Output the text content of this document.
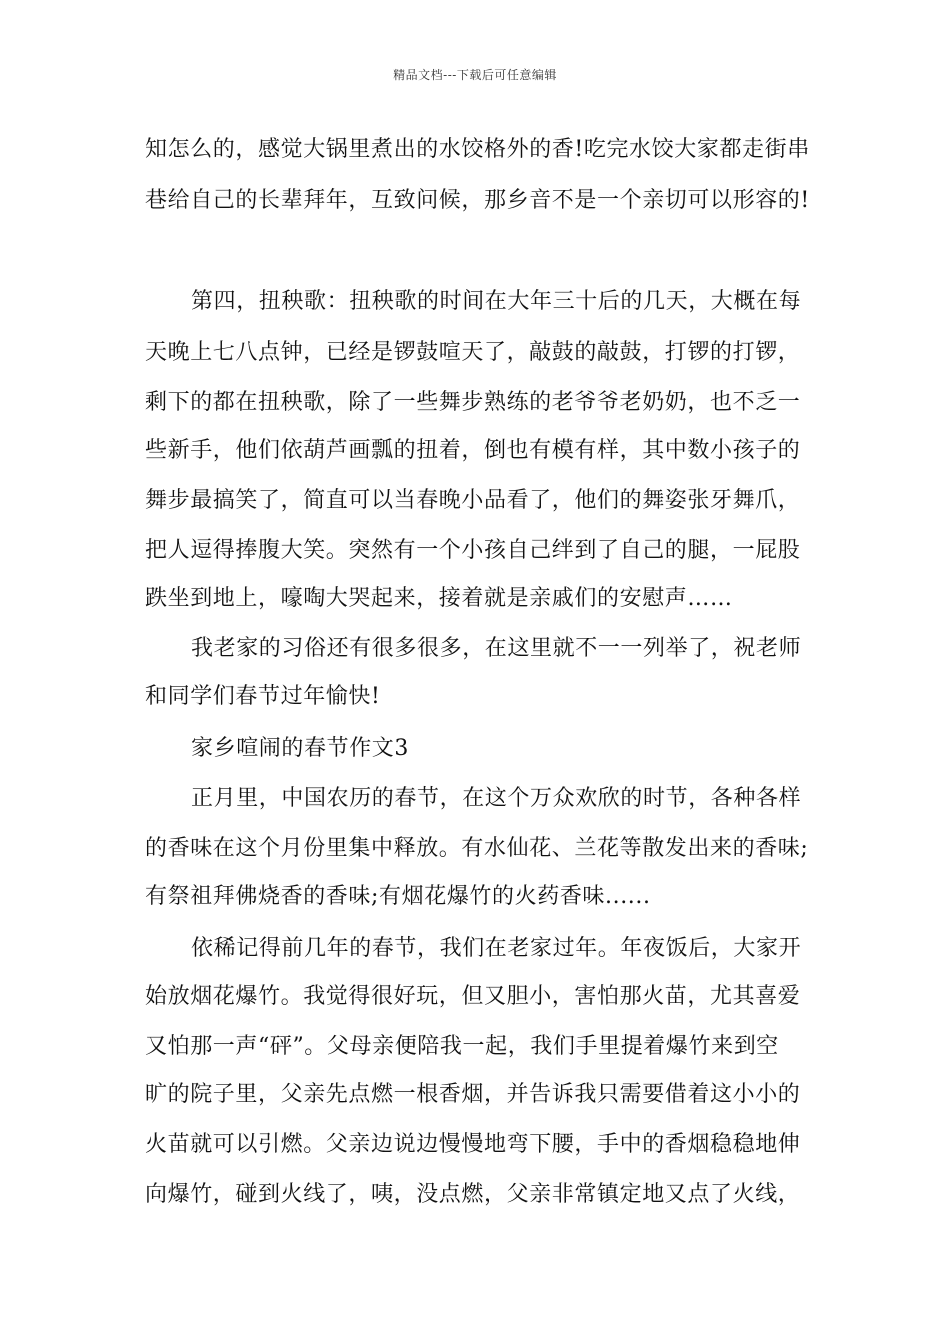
精品文档---下载后可任意编辑
知怎么的，感觉大锅里煮出的水饺格外的香!吃完水饺大家都走街串
巷给自己的长辈拜年，互致问候，那乡音不是一个亲切可以形容的!
第四，扭秧歌：扭秧歌的时间在大年三十后的几天，大概在每
天晚上七八点钟，已经是锣鼓喧天了，敲鼓的敲鼓，打锣的打锣，
剩下的都在扭秧歌，除了一些舞步熟练的老爷爷老奶奶，也不乏一
些新手，他们依葫芦画瓢的扭着，倒也有模有样，其中数小孩子的
舞步最搞笑了，简直可以当春晚小品看了，他们的舞姿张牙舞爪，
把人逗得捧腹大笑。突然有一个小孩自己绊到了自己的腿，一屁股
跌坐到地上，嚎啕大哭起来，接着就是亲戚们的安慰声……
我老家的习俗还有很多很多，在这里就不一一列举了，祝老师
和同学们春节过年愉快!
家乡喧闹的春节作文3
正月里，中国农历的春节，在这个万众欢欣的时节，各种各样
的香味在这个月份里集中释放。有水仙花、兰花等散发出来的香味;
有祭祖拜佛烧香的香味;有烟花爆竹的火药香味......
依稀记得前几年的春节，我们在老家过年。年夜饭后，大家开
始放烟花爆竹。我觉得很好玩，但又胆小，害怕那火苗，尤其喜爱
又怕那一声“砰”。父母亲便陪我一起，我们手里提着爆竹来到空
旷的院子里，父亲先点燃一根香烟，并告诉我只需要借着这小小的
火苗就可以引燃。父亲边说边慢慢地弯下腰，手中的香烟稳稳地伸
向爆竹，碰到火线了，咦，没点燃，父亲非常镇定地又点了火线，
